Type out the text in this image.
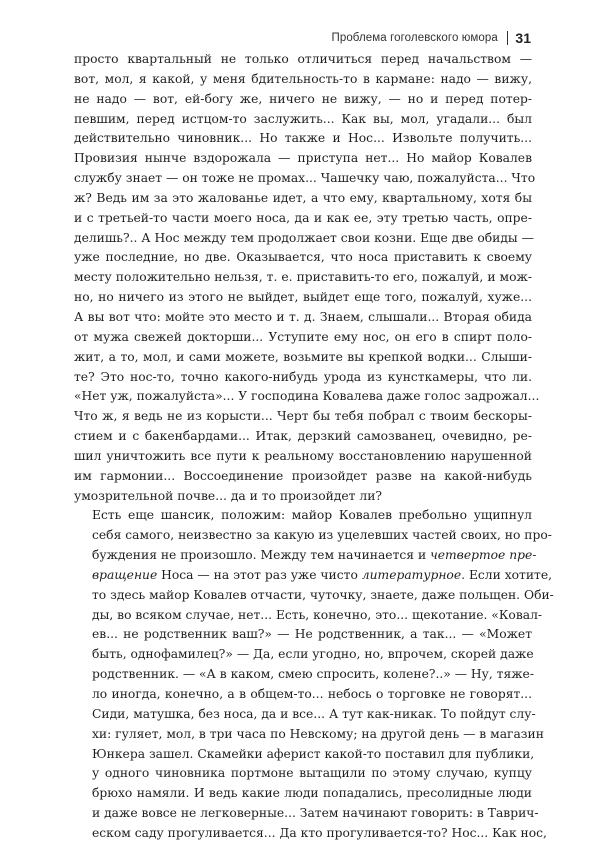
Проблема гоголевского юмора 31

просто квартальный не только отличиться перед начальством —
вот, мол, я какой, у меня бдительность-то в кармане: надо — вижу,
не надо — вот, ей-богу же, ничего не вижу, — но и перед потер-
певшим, перед истцом-то заслужить... Как вы, мол, угадали... был
действительно чиновник... Но также и Нос... Извольте получить...
Провизия нынче вздорожала — приступа нет... Но майор Ковалев
службу знает — он тоже не промах... Чашечку чаю, пожалуйста... Что
ж? Ведь им за это жалованье идет, а что ему, квартальному, хотя бы
и с третьей-то части моего носа, да и как ее, эту третью часть, опре-
делишь?.. А Нос между тем продолжает свои козни. Еще две обиды —
уже последние, но две. Оказывается, что носа приставить к своему
месту положительно нельзя, т. е. приставить-то его, пожалуй, и мож-
но, но ничего из этого не выйдет, выйдет еще того, пожалуй, хуже...
А вы вот что: мойте это место и т. д. Знаем, слышали... Вторая обида
от мужа свежей докторши... Уступите ему нос, он его в спирт полo-
жит, а то, мол, и сами можете, возьмите вы крепкой водки... Слыши-
те? Это нос-то, точно какого-нибудь урода из кунсткамеры, что ли.
«Нет уж, пожалуйста»... У господина Ковалева даже голос задрожал...
Что ж, я ведь не из корысти... Черт бы тебя побрал с твоим бескоры-
стием и с бакенбардами... Итак, дерзкий самозванец, очевидно, ре-
шил уничтожить все пути к реальному восстановлению нарушенной
им гармонии... Воссоединение произойдет разве на какой-нибудь
умозрительной почве... да и то произойдет ли?

Есть еще шансик, положим: майор Ковалев пребольно ущипнул
себя самого, неизвестно за какую из уцелевших частей своих, но про-
буждения не произошло. Между тем начинается и четвертое пре-
вращение Носа — на этот раз уже чисто литературное. Если хотите,
то здесь майор Ковалев отчасти, чуточку, знаете, даже польщен. Оби-
ды, во всяком случае, нет... Есть, конечно, это... щекотание. «Ковал-
ев... не родственник ваш?» — Не родственник, а так... — «Может
быть, однофамилец?» — Да, если угодно, но, впрочем, скорей даже
родственник. — «А в каком, смею спросить, колене?..» — Ну, тяже-
ло иногда, конечно, а в общем-то... небось о торговке не говорят...
Сиди, матушка, без носа, да и все... А тут как-никак. То пойдут слу-
хи: гуляет, мол, в три часа по Невскому; на другой день — в магазин
Юнкера зашел. Скамейки аферист какой-то поставил для публики,
у одного чиновника портмоне вытащили по этому случаю, купцу
брюхо намяли. И ведь какие люди попадались, пресолидные люди
и даже вовсе не легковерные... Затем начинают говорить: в Таврич-
еском саду прогуливается... Да кто прогуливается-то? Нос... Как нос,
